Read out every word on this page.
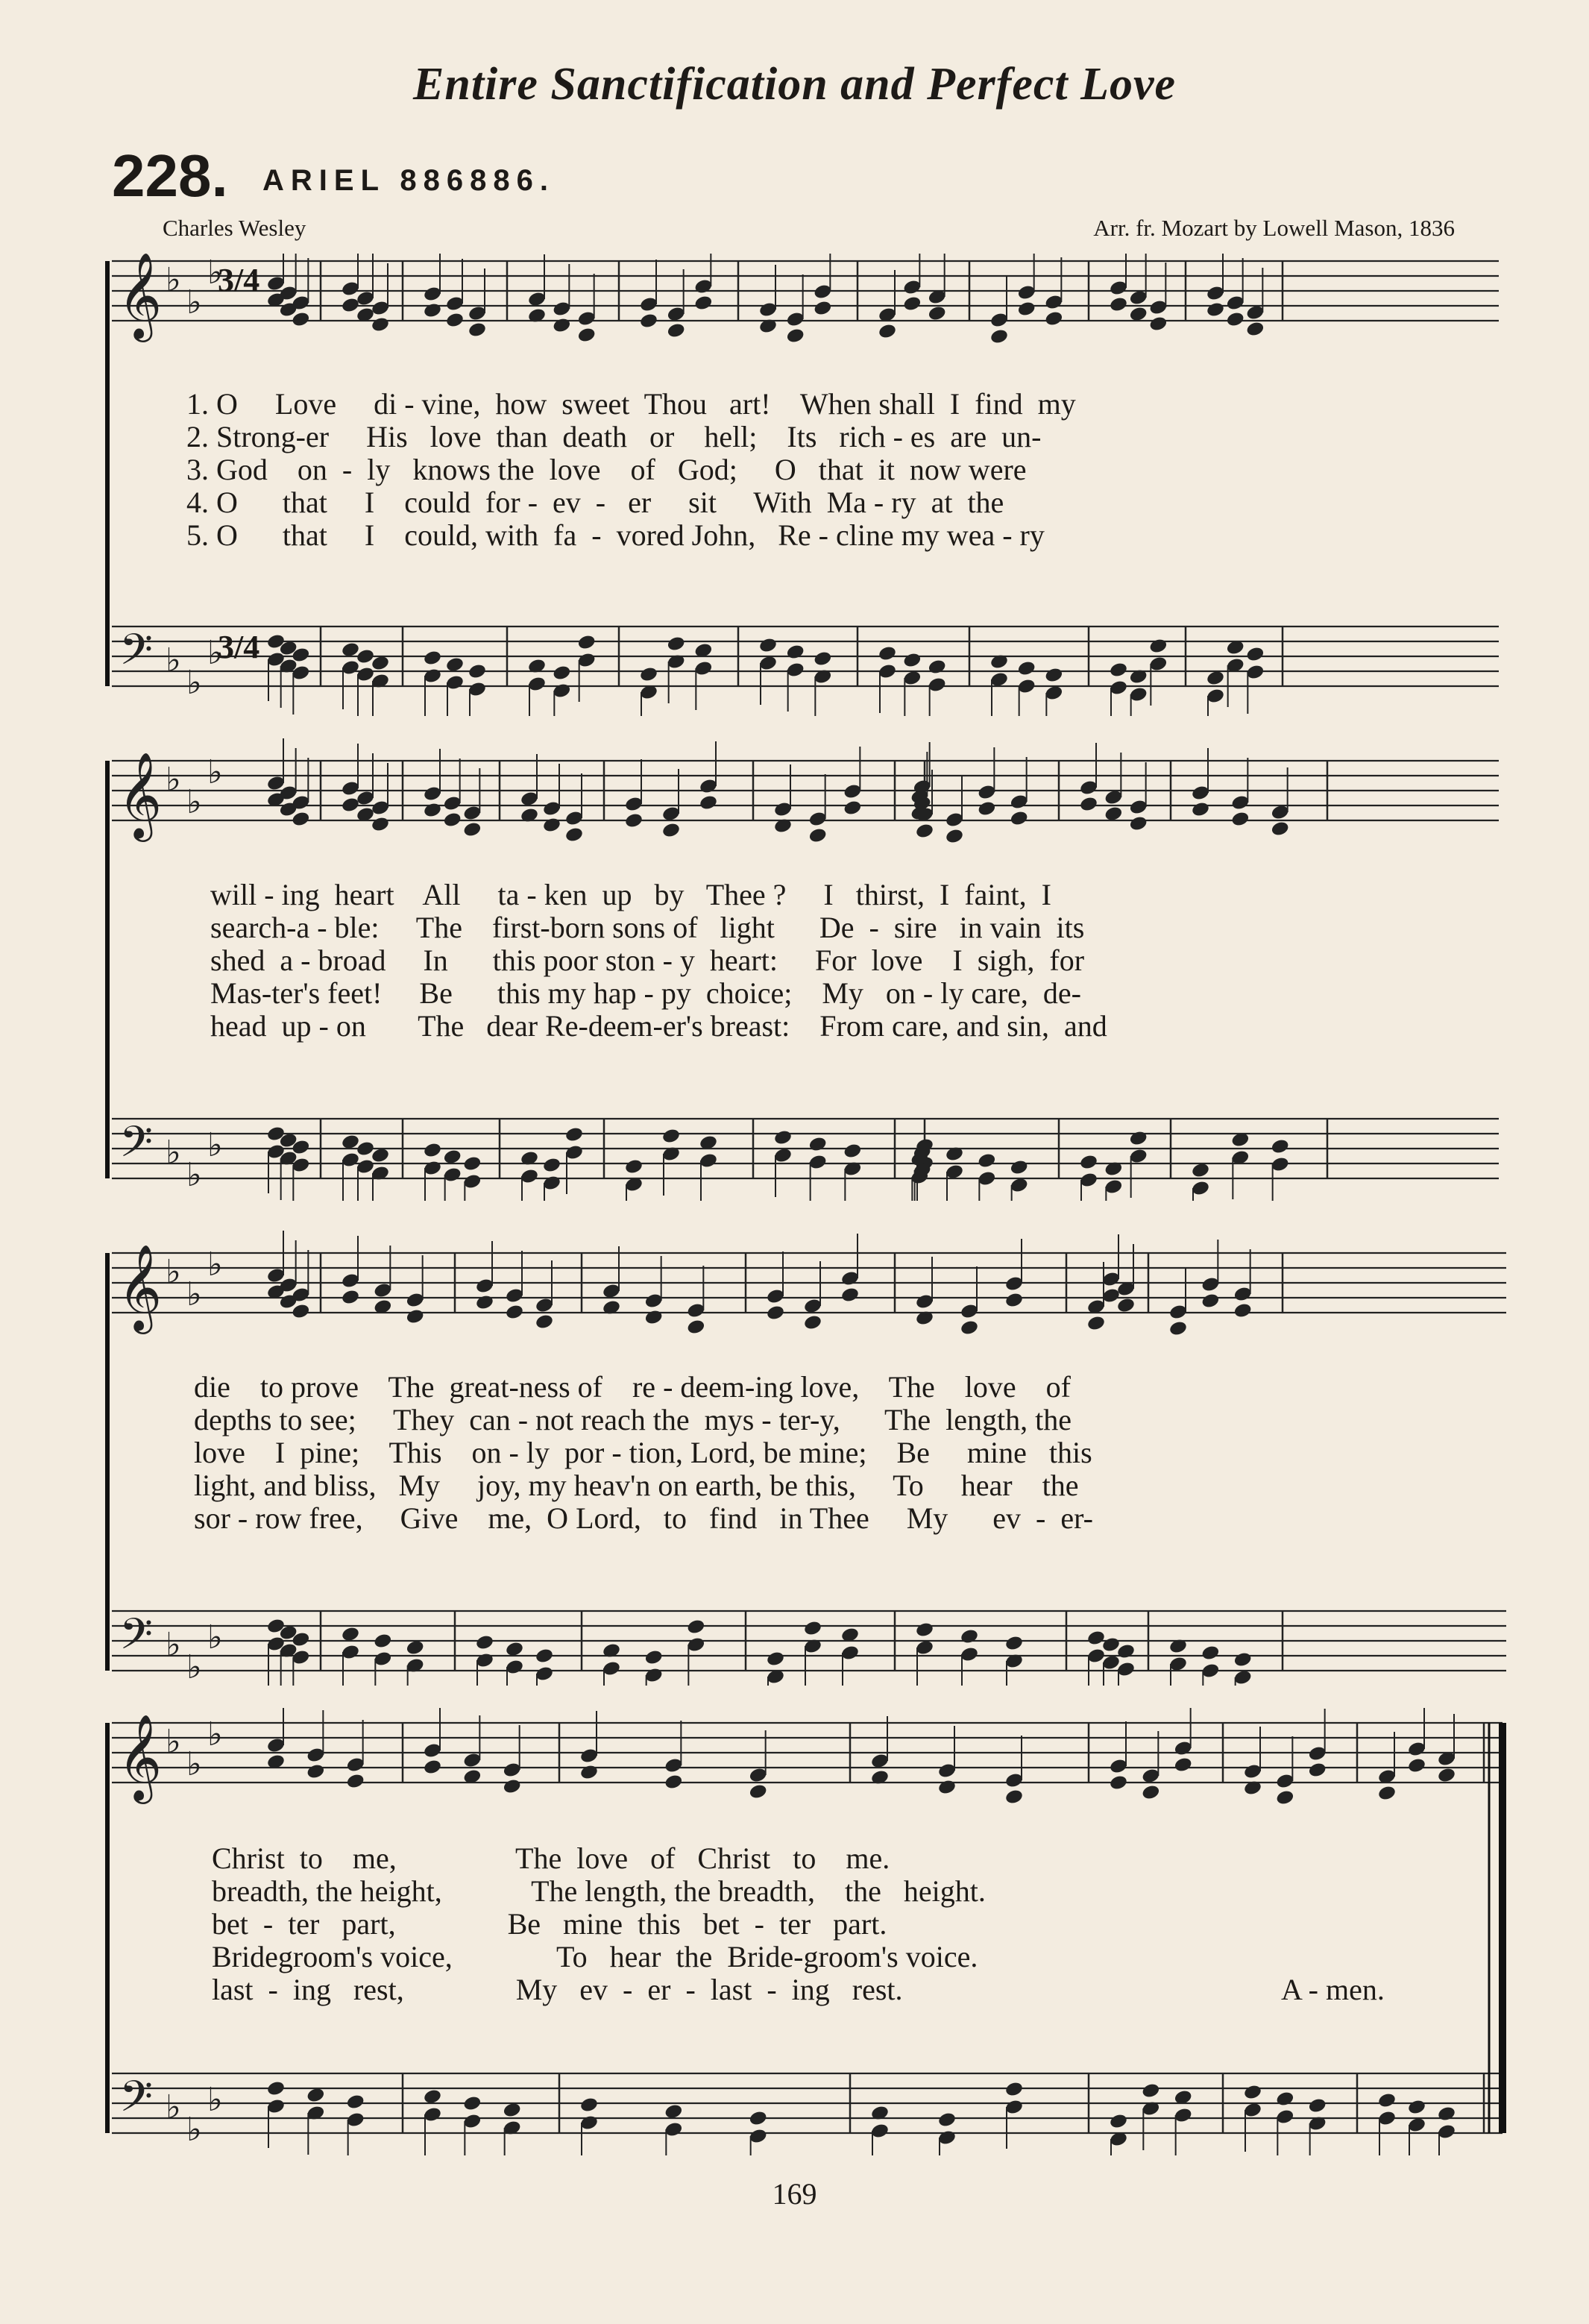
Entire Sanctification and Perfect Love
228. ARIEL 886886.
Charles Wesley	Arr. fr. Mozart by Lowell Mason, 1836
𝄞
𝄢
♭
♭
♭
♭
♭
♭
1. O     Love     di - vine,  how  sweet  Thou   art!    When shall  I  find  my
2. Strong-er     His   love  than  death   or    hell;    Its   rich - es  are  un-
3. God    on  -  ly   knows the  love    of   God;     O   that  it  now were
4. O      that     I    could  for -  ev  -   er     sit     With  Ma - ry  at  the
5. O      that     I    could, with  fa  -  vored John,   Re - cline my wea - ry
3/4
3/4
𝄞
𝄢
♭
♭
♭
♭
♭
♭
will - ing  heart    All     ta - ken  up   by   Thee ?     I   thirst,  I  faint,  I
search-a - ble:     The    first-born sons of   light      De  -  sire   in vain  its
shed  a - broad     In      this poor ston - y  heart:     For  love    I  sigh,  for
Mas-ter's feet!     Be      this my hap - py  choice;    My   on - ly care,  de-
head  up - on       The   dear Re-deem-er's breast:    From care, and sin,  and
𝄞
𝄢
♭
♭
♭
♭
♭
♭
die    to prove    The  great-ness of    re - deem-ing love,    The    love    of
depths to see;     They  can - not reach the  mys - ter-y,      The  length, the
love    I  pine;    This    on - ly  por - tion, Lord, be mine;    Be     mine   this
light, and bliss,   My     joy, my heav'n on earth, be this,     To     hear    the
sor - row free,     Give    me,  O Lord,   to   find   in Thee     My      ev  -  er-
𝄞
𝄢
♭
♭
♭
♭
♭
♭
Christ  to    me,                The  love   of   Christ   to    me.
breadth, the height,            The length, the breadth,    the   height.
bet  -  ter   part,               Be   mine  this   bet  -  ter   part.
Bridegroom's voice,              To   hear  the  Bride-groom's voice.
last  -  ing   rest,               My   ev  -  er  -  last  -  ing   rest.	A - men.
169
